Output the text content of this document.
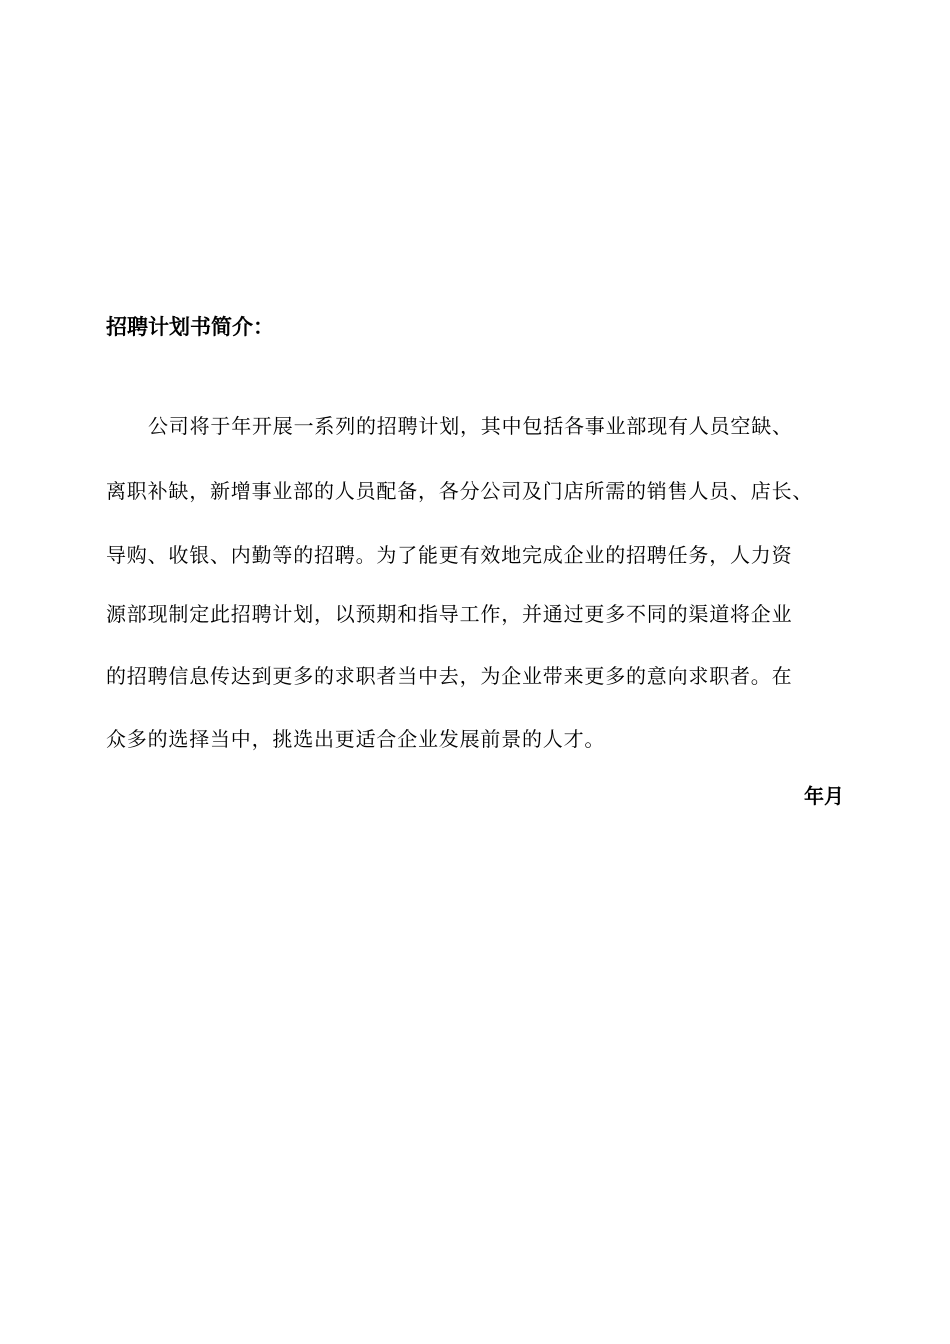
招聘计划书简介：
公司将于年开展一系列的招聘计划，其中包括各事业部现有人员空缺、
离职补缺，新增事业部的人员配备，各分公司及门店所需的销售人员、店长、
导购、收银、内勤等的招聘。为了能更有效地完成企业的招聘任务，人力资
源部现制定此招聘计划，以预期和指导工作，并通过更多不同的渠道将企业
的招聘信息传达到更多的求职者当中去，为企业带来更多的意向求职者。在
众多的选择当中，挑选出更适合企业发展前景的人才。
年月
